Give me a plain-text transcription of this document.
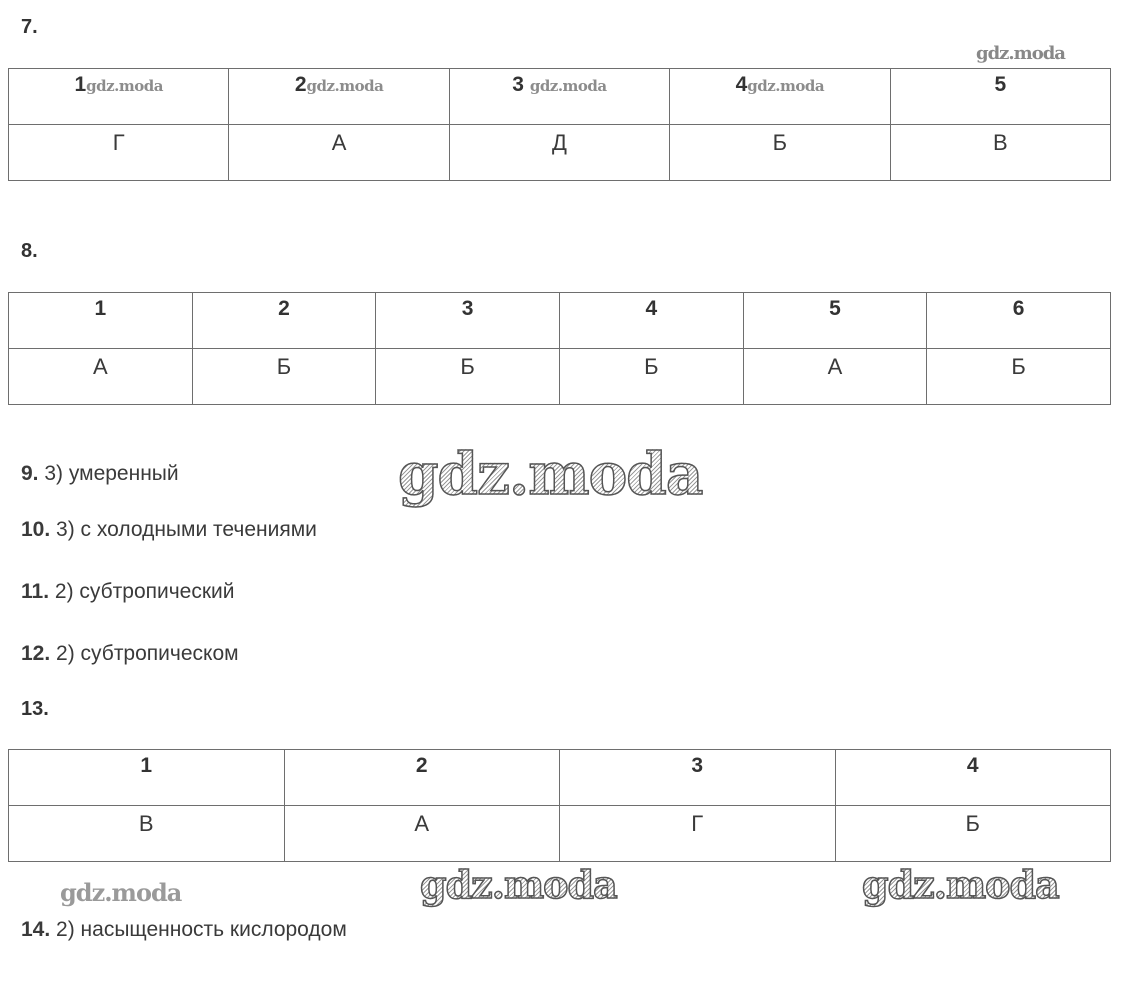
7.
gdz.moda
1gdz.moda	2gdz.moda	3 gdz.moda	4gdz.moda	5
Г	А	Д	Б	В
8.
1	2	3	4	5	6
А	Б	Б	Б	А	Б
9. 3) умеренный	gdz.moda
10. 3) с холодными течениями
11. 2) субтропический
12. 2) субтропическом
13.
1	2	3	4
В	А	Г	Б
gdz.moda	gdz.moda	gdz.moda
14. 2) насыщенность кислородом
